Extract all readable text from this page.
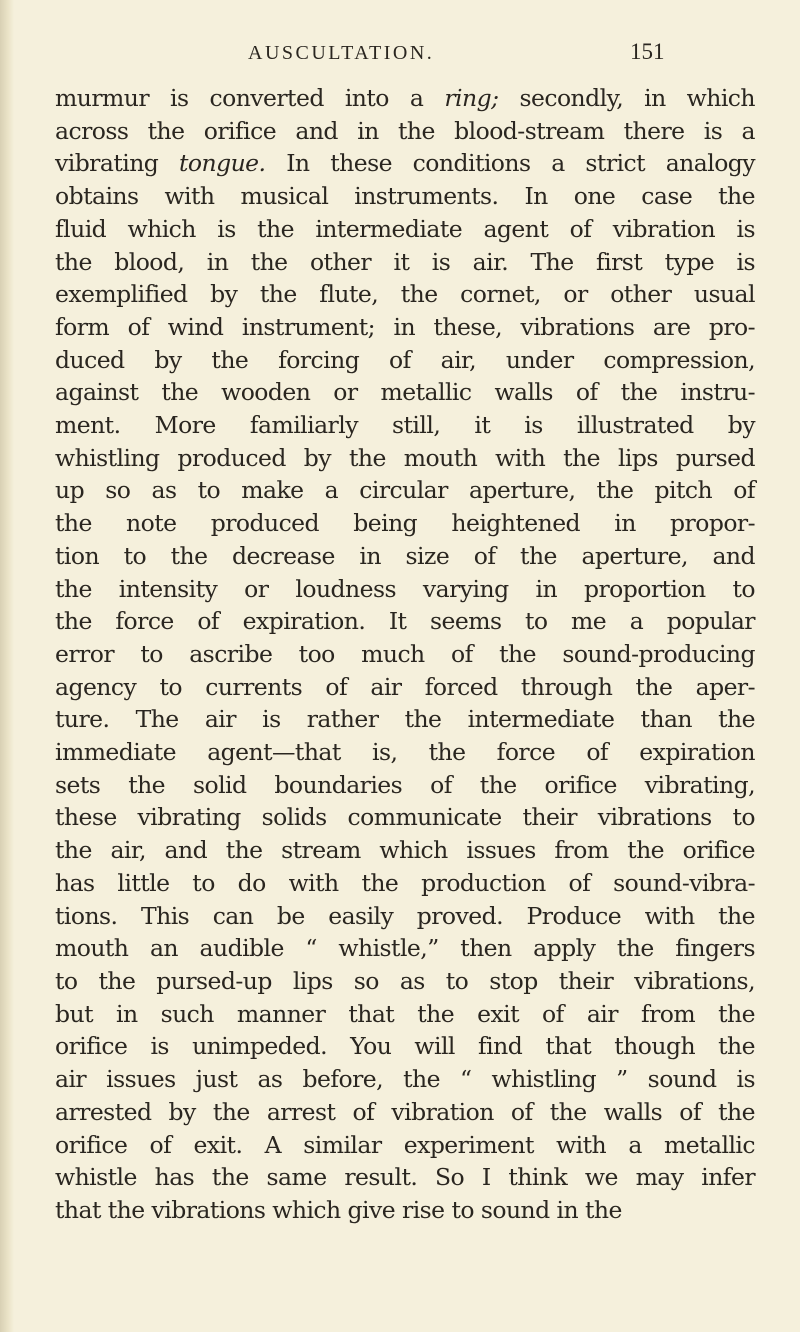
AUSCULTATION.	151
murmur is converted into a ring; secondly, in which
across the orifice and in the blood-stream there is a
vibrating tongue. In these conditions a strict analogy
obtains with musical instruments. In one case the
fluid which is the intermediate agent of vibration is
the blood, in the other it is air. The first type is
exemplified by the flute, the cornet, or other usual
form of wind instrument; in these, vibrations are pro-
duced by the forcing of air, under compression,
against the wooden or metallic walls of the instru-
ment. More familiarly still, it is illustrated by
whistling produced by the mouth with the lips pursed
up so as to make a circular aperture, the pitch of
the note produced being heightened in propor-
tion to the decrease in size of the aperture, and
the intensity or loudness varying in proportion to
the force of expiration. It seems to me a popular
error to ascribe too much of the sound-producing
agency to currents of air forced through the aper-
ture. The air is rather the intermediate than the
immediate agent—that is, the force of expiration
sets the solid boundaries of the orifice vibrating,
these vibrating solids communicate their vibrations to
the air, and the stream which issues from the orifice
has little to do with the production of sound-vibra-
tions. This can be easily proved. Produce with the
mouth an audible “ whistle,” then apply the fingers
to the pursed-up lips so as to stop their vibrations,
but in such manner that the exit of air from the
orifice is unimpeded. You will find that though the
air issues just as before, the “ whistling ” sound is
arrested by the arrest of vibration of the walls of the
orifice of exit. A similar experiment with a metallic
whistle has the same result. So I think we may infer
that the vibrations which give rise to sound in the
